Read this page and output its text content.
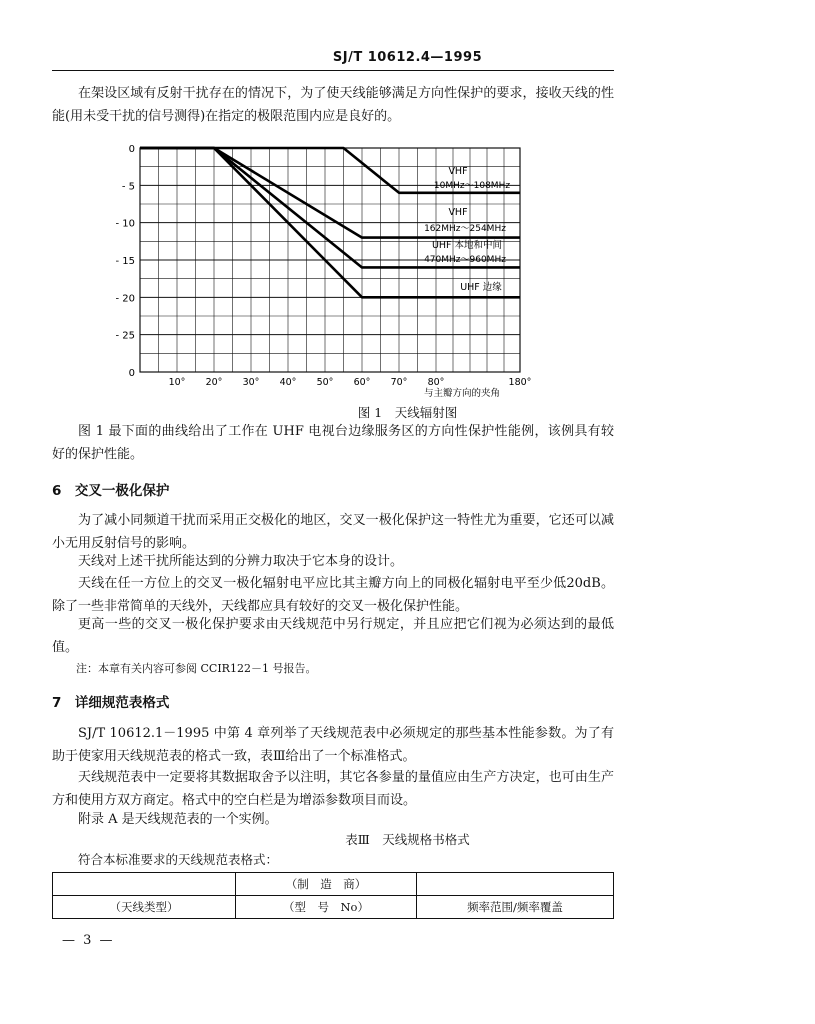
SJ/T 10612.4—1995

在架设区域有反射干扰存在的情况下，为了使天线能够满足方向性保护的要求，接收天线的性能(用未受干扰的信号测得)在指定的极限范围内应是良好的。

0
- 5
- 10
- 15
- 20
- 25
0
10° 20° 30° 40° 50° 60° 70° 80°	180°
VHF
10MHz～108MHz
VHF
162MHz～254MHz
UHF 本地和中间
470MHz～960MHz
UHF 边缘
与主瓣方向的夹角
图 1　天线辐射图

图 1 最下面的曲线给出了工作在 UHF 电视台边缘服务区的方向性保护性能例，该例具有较好的保护性能。

6　交叉一极化保护

为了减小同频道干扰而采用正交极化的地区，交叉一极化保护这一特性尤为重要，它还可以减小无用反射信号的影响。

天线对上述干扰所能达到的分辨力取决于它本身的设计。

天线在任一方位上的交叉一极化辐射电平应比其主瓣方向上的同极化辐射电平至少低20dB。除了一些非常简单的天线外，天线都应具有较好的交叉一极化保护性能。

更高一些的交叉一极化保护要求由天线规范中另行规定，并且应把它们视为必须达到的最低值。

注：本章有关内容可参阅 CCIR122－1 号报告。
7　详细规范表格式

SJ/T 10612.1－1995 中第 4 章列举了天线规范表中必须规定的那些基本性能参数。为了有助于使家用天线规范表的格式一致，表Ⅲ给出了一个标准格式。

天线规范表中一定要将其数据取舍予以注明，其它各参量的量值应由生产方决定，也可由生产方和使用方双方商定。格式中的空白栏是为增添参数项目而设。

附录 A 是天线规范表的一个实例。

表Ⅲ　天线规格书格式
符合本标准要求的天线规范表格式：
	（制　造　商）	
（天线类型）	（型　号　No）	频率范围/频率覆盖
— 3 —
